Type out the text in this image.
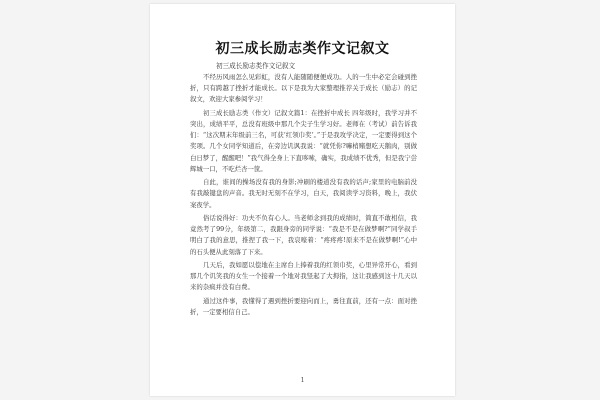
初三成长励志类作文记叙文
初三成长励志类作文记叙文

不经历风雨怎么见彩虹，没有人能随随便便成功。人的一生中必定会碰到挫折，只有跨越了挫折才能成长。以下是我为大家整理推荐关于成长（励志）的记叙文，欢迎大家参阅学习！

初三成长励志类（作文）记叙文篇1：在挫折中成长 四年级时，我学习并不突出，成绩平平，总没有班级中那几个尖子生学习好。老师在（考试）前告诉我们：“这次期末年级前三名，可获‘红领巾奖’。”于是我攻学决定，一定要得到这个奖项。几个女同学知道后，在旁边讥讽我说：“就凭你?嘛梢赌想吃天鹅肉，别做白日梦了，醒醒吧！”我气得全身上下直哆嗦，确实，我成绩不优秀，但是我宁尝辉城一口，不吃烂杏一筐。

自此，谁间的操场没有我的身影;冲刷的楼道没有我的话声;家里的电脑前没有我敲键盘的声音。我无时无刻不在学习，白天，我阅读学习资料，晚上，我伏案夜学。

俗话说得好：功夫不负有心人。当老师念到我的成绩时，简直不敢相信，我竟然考了99分，年级第二，我跟身旁的同学说：“我是不是在做梦啊?”同学叔手明白了我的意思，推捏了我一下，我哀嚎着：“疼疼疼!原来不是在做梦啊!”心中的石头便从此刻落了下来。

几天后，我如愿以偿地在主席台上捧着我的红领巾奖，心里异常开心，看到那几个讥笑我的女生一个接着一个地对我竖起了大拇指，这让我感到这十几天以来的杂疯并没有白费。

通过这件事，我懂得了遇到挫折要迎向而上，勇往直前，还有一点：面对挫折，一定要相信自己。

1
